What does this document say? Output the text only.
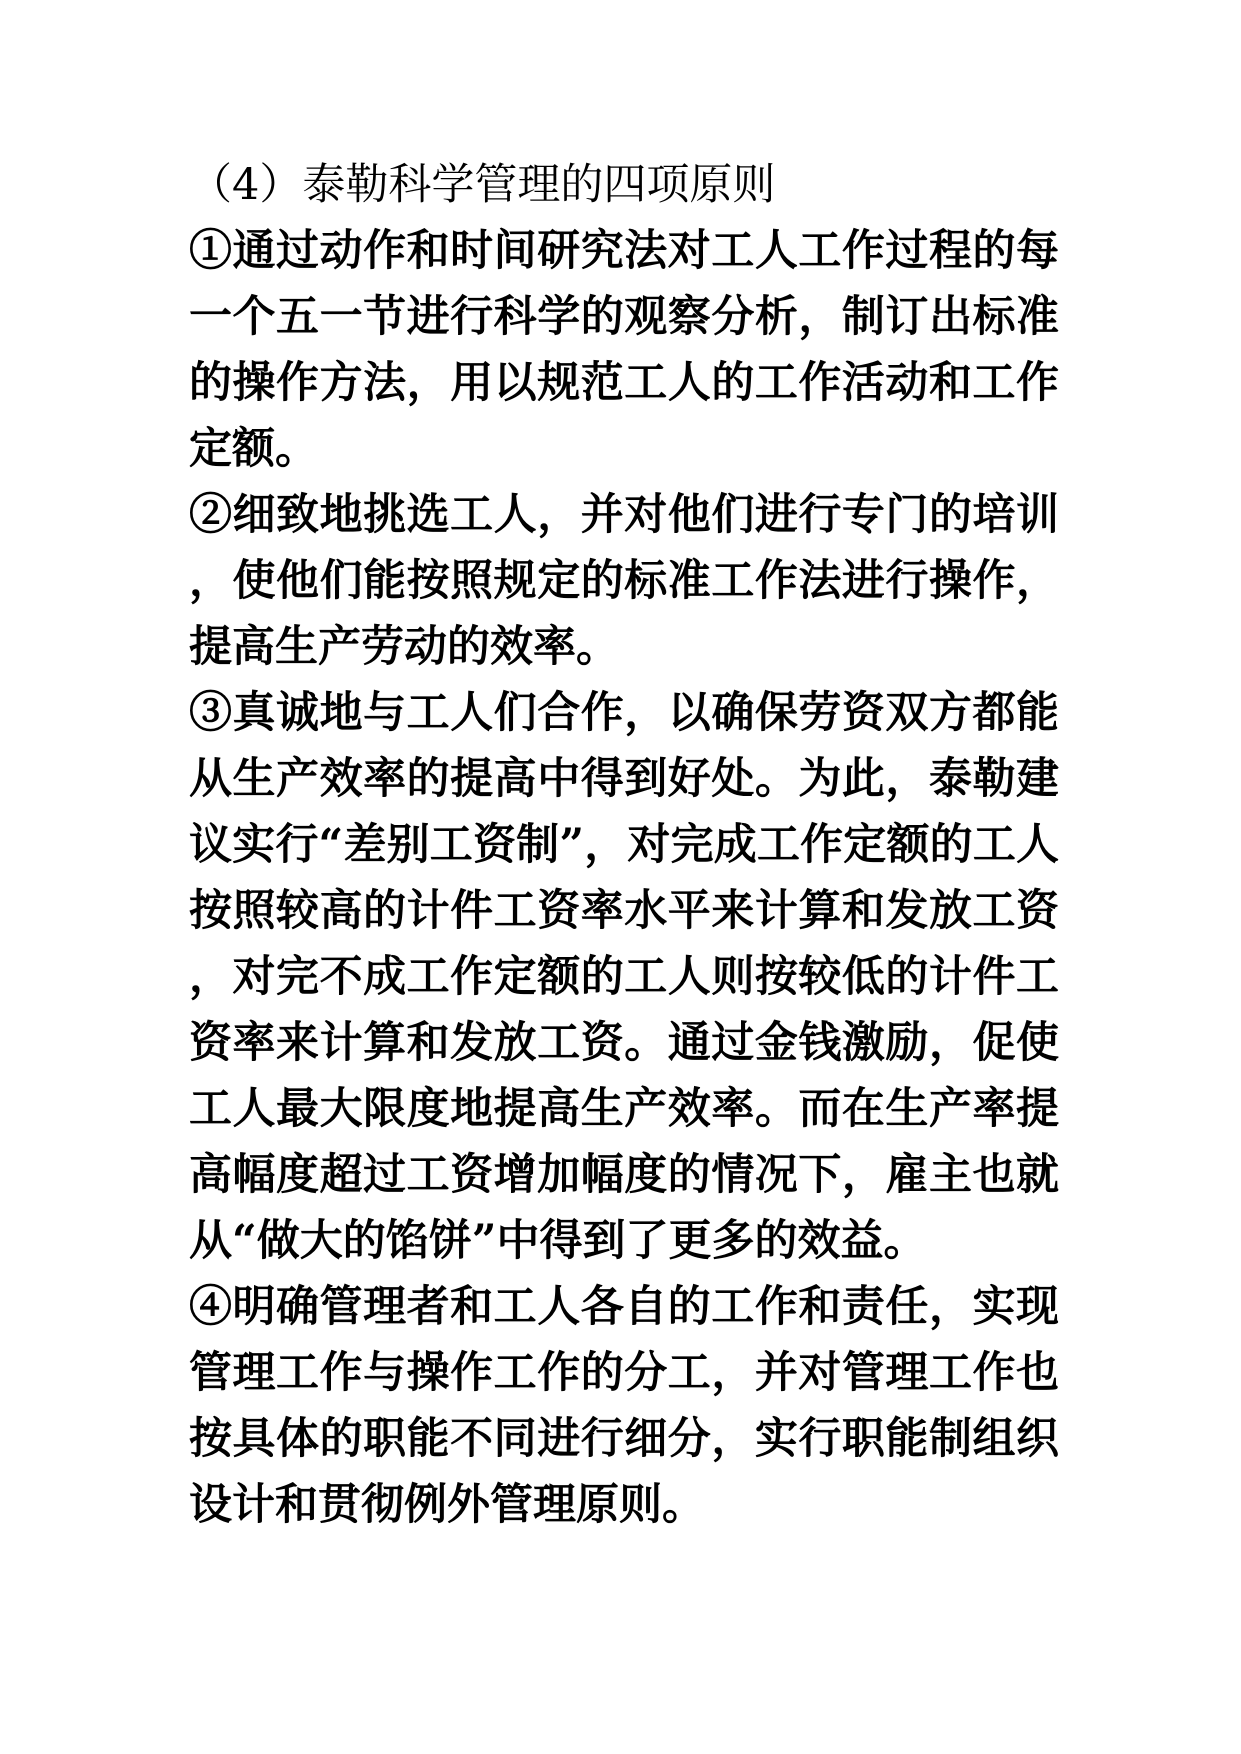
（4）泰勒科学管理的四项原则

①通过动作和时间研究法对工人工作过程的每一个五一节进行科学的观察分析，制订出标准的操作方法，用以规范工人的工作活动和工作定额。

②细致地挑选工人，并对他们进行专门的培训，使他们能按照规定的标准工作法进行操作，提高生产劳动的效率。

③真诚地与工人们合作，以确保劳资双方都能从生产效率的提高中得到好处。为此，泰勒建议实行“差别工资制”，对完成工作定额的工人按照较高的计件工资率水平来计算和发放工资，对完不成工作定额的工人则按较低的计件工资率来计算和发放工资。通过金钱激励，促使工人最大限度地提高生产效率。而在生产率提高幅度超过工资增加幅度的情况下，雇主也就从“做大的馅饼”中得到了更多的效益。

④明确管理者和工人各自的工作和责任，实现管理工作与操作工作的分工，并对管理工作也按具体的职能不同进行细分，实行职能制组织设计和贯彻例外管理原则。
